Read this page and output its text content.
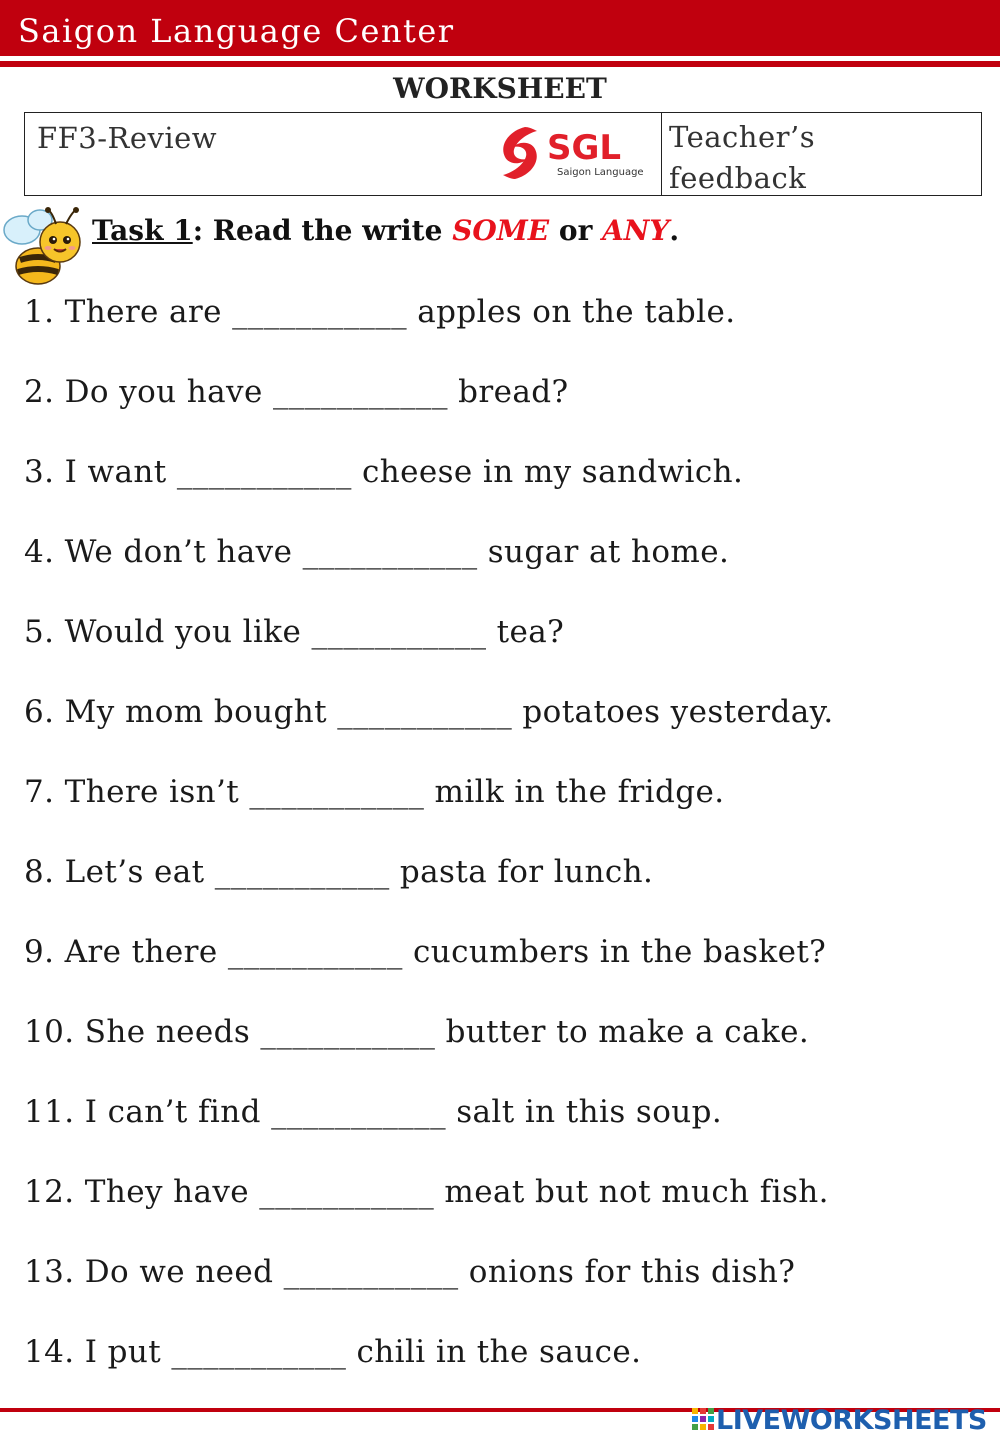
Saigon Language Center
WORKSHEET
FF3-Review	SGL
Saigon Language
Teacher’s
feedback
Task 1: Read the write SOME or ANY.
1. There are ___________ apples on the table.
2. Do you have ___________ bread?
3. I want ___________ cheese in my sandwich.
4. We don’t have ___________ sugar at home.
5. Would you like ___________ tea?
6. My mom bought ___________ potatoes yesterday.
7. There isn’t ___________ milk in the fridge.
8. Let’s eat ___________ pasta for lunch.
9. Are there ___________ cucumbers in the basket?
10. She needs ___________ butter to make a cake.
11. I can’t find ___________ salt in this soup.
12. They have ___________ meat but not much fish.
13. Do we need ___________ onions for this dish?
14. I put ___________ chili in the sauce.
LIVEWORKSHEETS
